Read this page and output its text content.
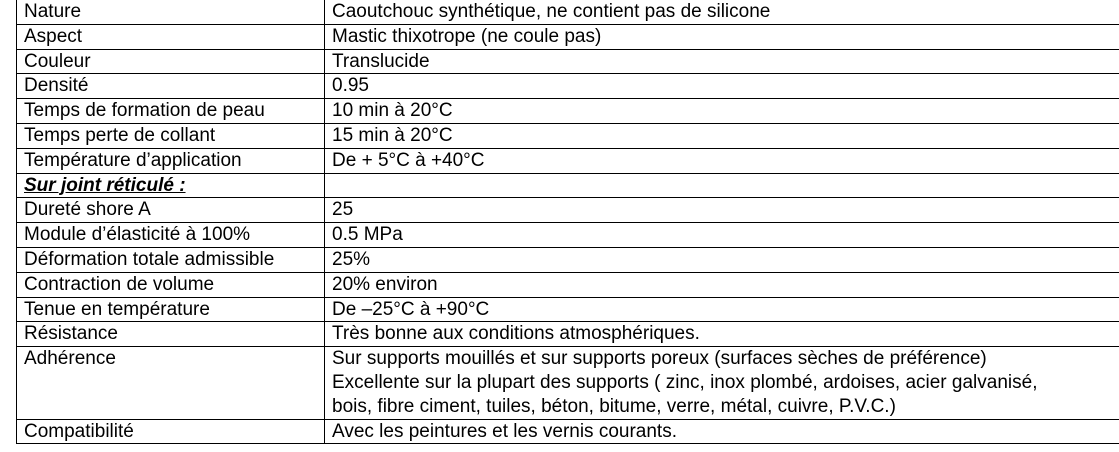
Nature	Caoutchouc synthétique, ne contient pas de silicone

Aspect	Mastic thixotrope (ne coule pas)

Couleur	Translucide

Densité	0.95

Temps de formation de peau	10 min à 20°C

Temps perte de collant	15 min à 20°C

Température d’application	De + 5°C à +40°C

Sur joint réticulé :	

Dureté shore A	25

Module d’élasticité à 100%	0.5 MPa

Déformation totale admissible	25%

Contraction de volume	20% environ

Tenue en température	De –25°C à +90°C

Résistance	Très bonne aux conditions atmosphériques.

Adhérence	Sur supports mouillés et sur supports poreux (surfaces sèches de préférence)
Excellente sur la plupart des supports ( zinc, inox plombé, ardoises, acier galvanisé,
bois, fibre ciment, tuiles, béton, bitume, verre, métal, cuivre, P.V.C.)

Compatibilité	Avec les peintures et les vernis courants.
